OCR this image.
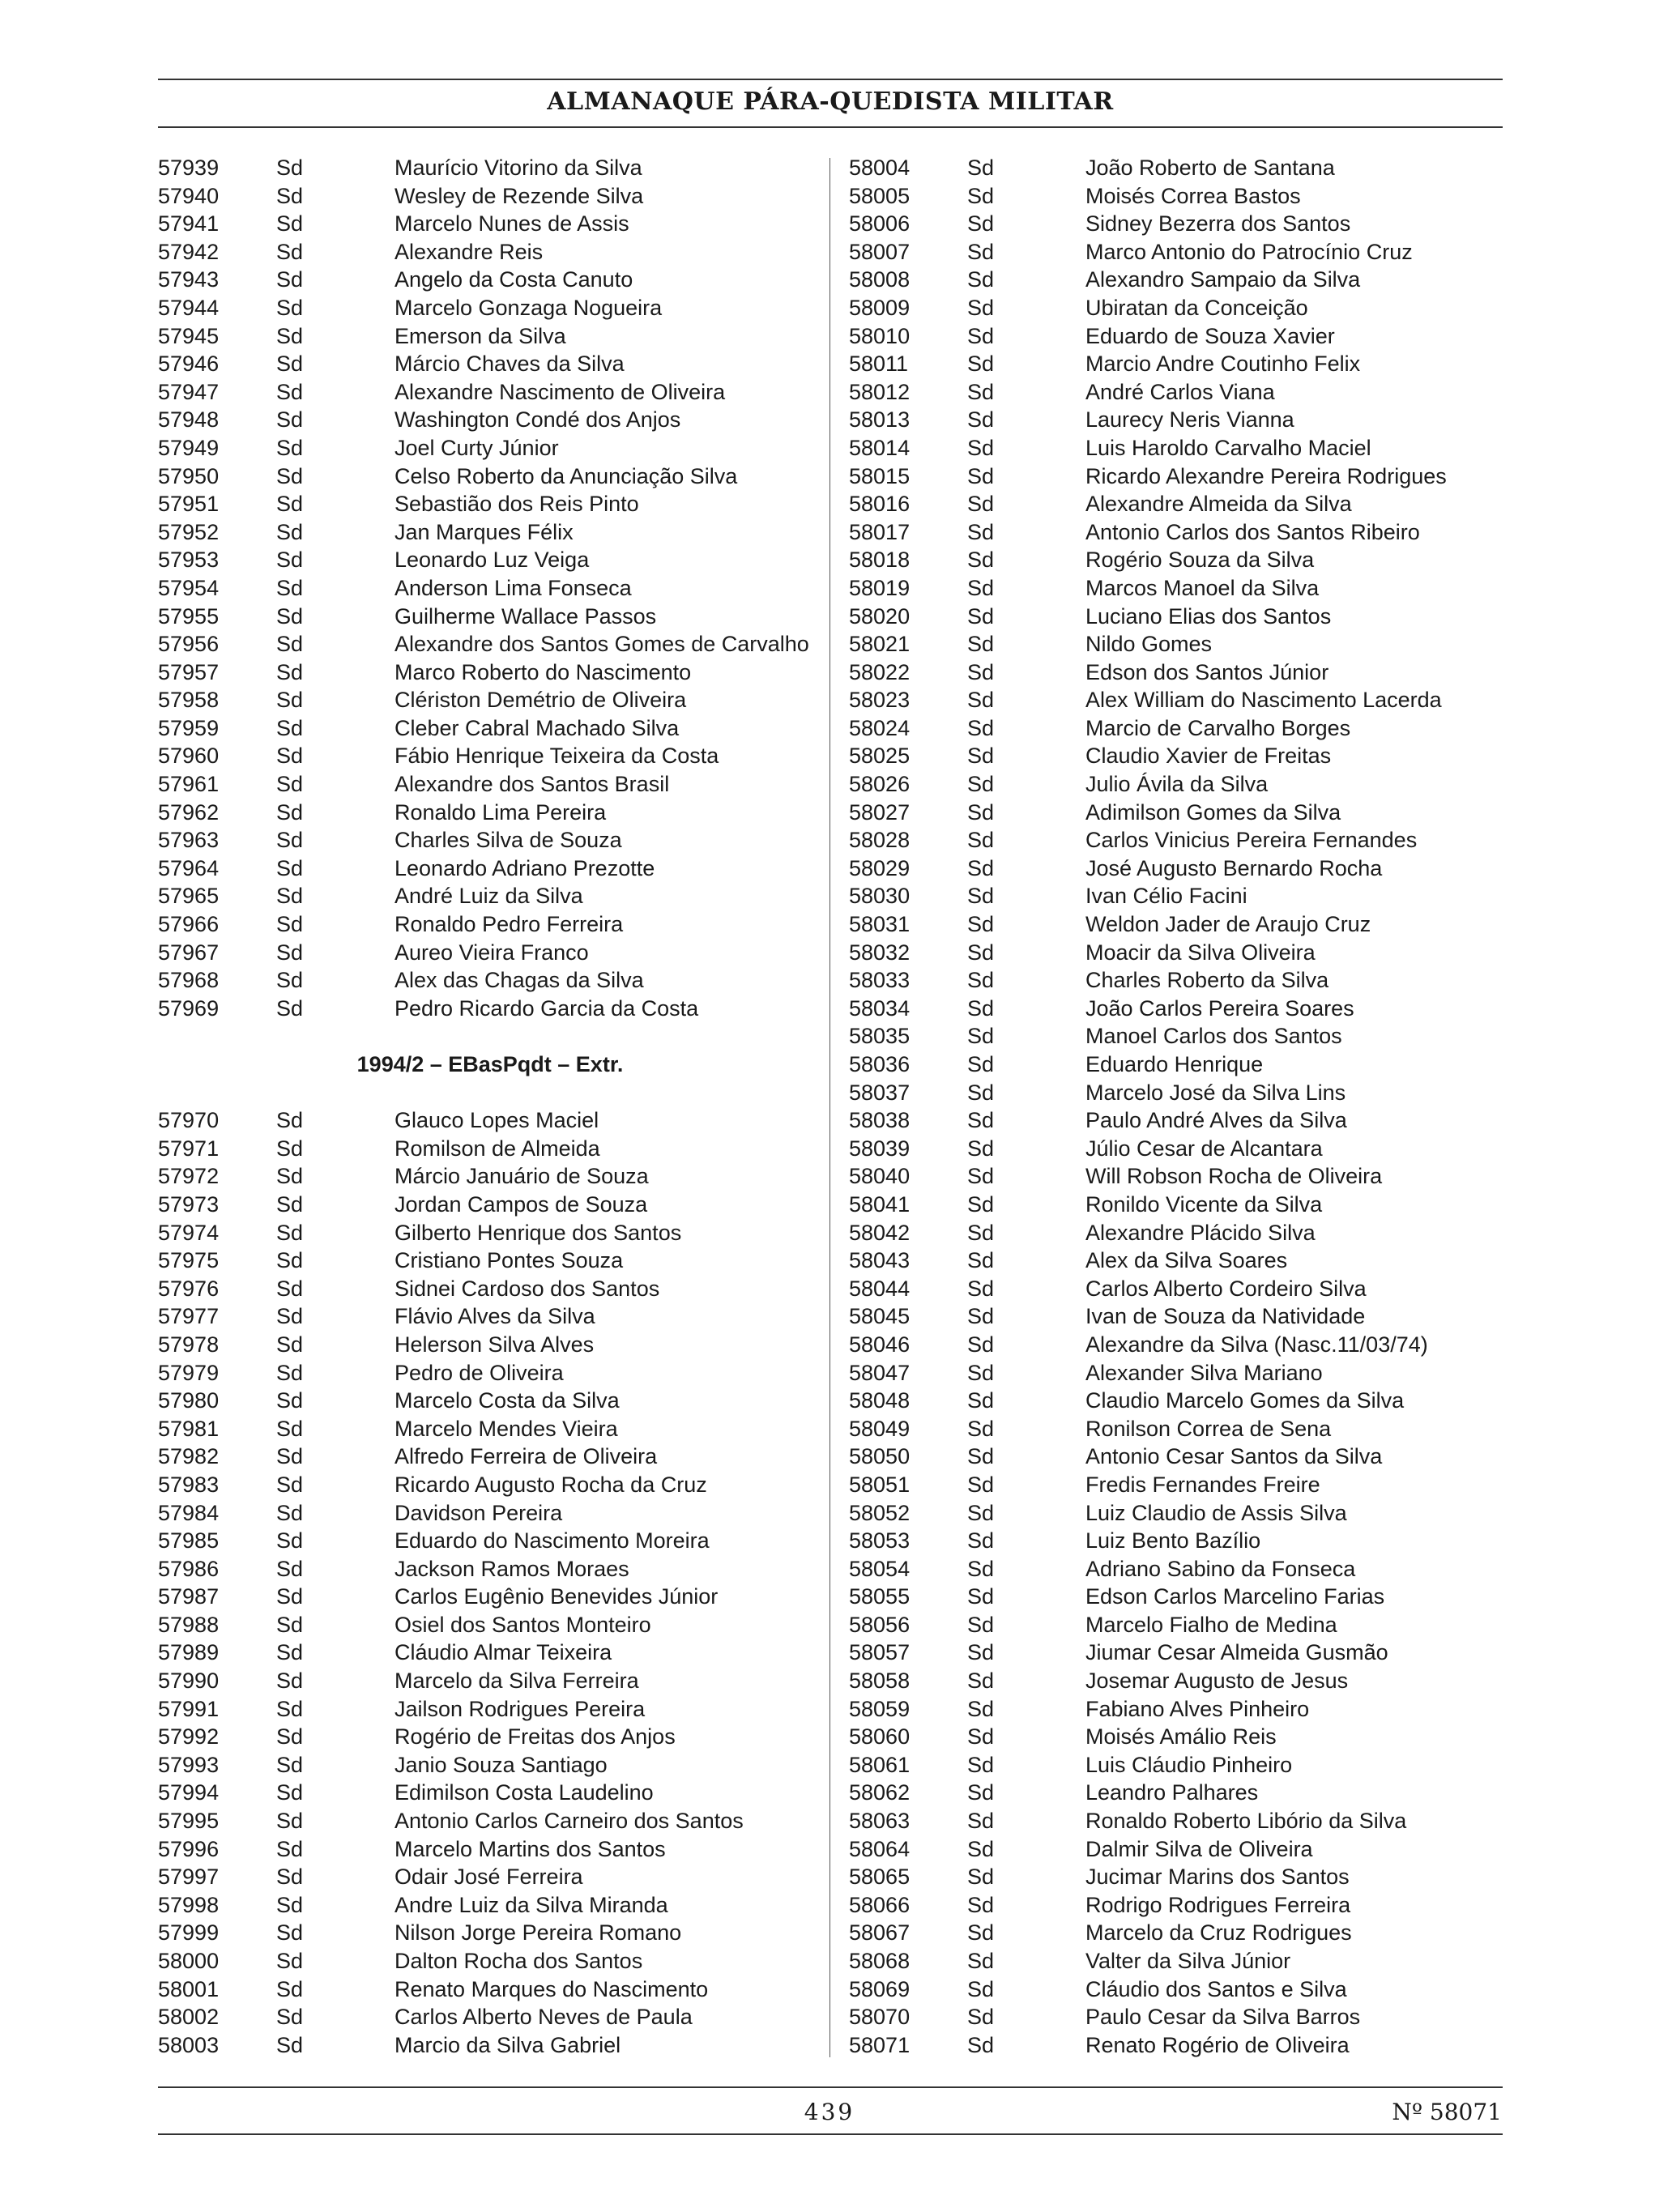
ALMANAQUE PÁRA-QUEDISTA MILITAR
57939	Sd	Maurício Vitorino da Silva
57940	Sd	Wesley de Rezende Silva
57941	Sd	Marcelo Nunes de Assis
57942	Sd	Alexandre Reis
57943	Sd	Angelo da Costa Canuto
57944	Sd	Marcelo Gonzaga Nogueira
57945	Sd	Emerson da Silva
57946	Sd	Márcio Chaves da Silva
57947	Sd	Alexandre Nascimento de Oliveira
57948	Sd	Washington Condé dos Anjos
57949	Sd	Joel Curty Júnior
57950	Sd	Celso Roberto da Anunciação Silva
57951	Sd	Sebastião dos Reis Pinto
57952	Sd	Jan Marques Félix
57953	Sd	Leonardo Luz Veiga
57954	Sd	Anderson Lima Fonseca
57955	Sd	Guilherme Wallace Passos
57956	Sd	Alexandre dos Santos Gomes de Carvalho
57957	Sd	Marco Roberto do Nascimento
57958	Sd	Clériston Demétrio de Oliveira
57959	Sd	Cleber Cabral Machado Silva
57960	Sd	Fábio Henrique Teixeira da Costa
57961	Sd	Alexandre dos Santos Brasil
57962	Sd	Ronaldo Lima Pereira
57963	Sd	Charles Silva de Souza
57964	Sd	Leonardo Adriano Prezotte
57965	Sd	André Luiz da Silva
57966	Sd	Ronaldo Pedro Ferreira
57967	Sd	Aureo Vieira Franco
57968	Sd	Alex das Chagas da Silva
57969	Sd	Pedro Ricardo Garcia da Costa
1994/2 – EBasPqdt – Extr.
57970	Sd	Glauco Lopes Maciel
57971	Sd	Romilson de Almeida
57972	Sd	Márcio Januário de Souza
57973	Sd	Jordan Campos de Souza
57974	Sd	Gilberto Henrique dos Santos
57975	Sd	Cristiano Pontes Souza
57976	Sd	Sidnei Cardoso dos Santos
57977	Sd	Flávio Alves da Silva
57978	Sd	Helerson Silva Alves
57979	Sd	Pedro de Oliveira
57980	Sd	Marcelo Costa da Silva
57981	Sd	Marcelo Mendes Vieira
57982	Sd	Alfredo Ferreira de Oliveira
57983	Sd	Ricardo Augusto Rocha da Cruz
57984	Sd	Davidson Pereira
57985	Sd	Eduardo do Nascimento Moreira
57986	Sd	Jackson Ramos Moraes
57987	Sd	Carlos Eugênio Benevides Júnior
57988	Sd	Osiel dos Santos Monteiro
57989	Sd	Cláudio Almar Teixeira
57990	Sd	Marcelo da Silva Ferreira
57991	Sd	Jailson Rodrigues Pereira
57992	Sd	Rogério de Freitas dos Anjos
57993	Sd	Janio Souza Santiago
57994	Sd	Edimilson Costa Laudelino
57995	Sd	Antonio Carlos Carneiro dos Santos
57996	Sd	Marcelo Martins dos Santos
57997	Sd	Odair José Ferreira
57998	Sd	Andre Luiz da Silva Miranda
57999	Sd	Nilson Jorge Pereira Romano
58000	Sd	Dalton Rocha dos Santos
58001	Sd	Renato Marques do Nascimento
58002	Sd	Carlos Alberto Neves de Paula
58003	Sd	Marcio da Silva Gabriel
58004	Sd	João Roberto de Santana
58005	Sd	Moisés Correa Bastos
58006	Sd	Sidney Bezerra dos Santos
58007	Sd	Marco Antonio do Patrocínio Cruz
58008	Sd	Alexandro Sampaio da Silva
58009	Sd	Ubiratan da Conceição
58010	Sd	Eduardo de Souza Xavier
58011	Sd	Marcio Andre Coutinho Felix
58012	Sd	André Carlos Viana
58013	Sd	Laurecy Neris Vianna
58014	Sd	Luis Haroldo Carvalho Maciel
58015	Sd	Ricardo Alexandre Pereira Rodrigues
58016	Sd	Alexandre Almeida da Silva
58017	Sd	Antonio Carlos dos Santos Ribeiro
58018	Sd	Rogério Souza da Silva
58019	Sd	Marcos Manoel da Silva
58020	Sd	Luciano Elias dos Santos
58021	Sd	Nildo Gomes
58022	Sd	Edson dos Santos Júnior
58023	Sd	Alex William do Nascimento Lacerda
58024	Sd	Marcio de Carvalho Borges
58025	Sd	Claudio Xavier de Freitas
58026	Sd	Julio Ávila da Silva
58027	Sd	Adimilson Gomes da Silva
58028	Sd	Carlos Vinicius Pereira Fernandes
58029	Sd	José Augusto Bernardo Rocha
58030	Sd	Ivan Célio Facini
58031	Sd	Weldon Jader de Araujo Cruz
58032	Sd	Moacir da Silva Oliveira
58033	Sd	Charles Roberto da Silva
58034	Sd	João Carlos Pereira Soares
58035	Sd	Manoel Carlos dos Santos
58036	Sd	Eduardo Henrique
58037	Sd	Marcelo José da Silva Lins
58038	Sd	Paulo André Alves da Silva
58039	Sd	Júlio Cesar de Alcantara
58040	Sd	Will Robson Rocha de Oliveira
58041	Sd	Ronildo Vicente da Silva
58042	Sd	Alexandre Plácido Silva
58043	Sd	Alex da Silva Soares
58044	Sd	Carlos Alberto Cordeiro Silva
58045	Sd	Ivan de Souza da Natividade
58046	Sd	Alexandre da Silva (Nasc.11/03/74)
58047	Sd	Alexander Silva Mariano
58048	Sd	Claudio Marcelo Gomes da Silva
58049	Sd	Ronilson Correa de Sena
58050	Sd	Antonio Cesar Santos da Silva
58051	Sd	Fredis Fernandes Freire
58052	Sd	Luiz Claudio de Assis Silva
58053	Sd	Luiz Bento Bazílio
58054	Sd	Adriano Sabino da Fonseca
58055	Sd	Edson Carlos Marcelino Farias
58056	Sd	Marcelo Fialho de Medina
58057	Sd	Jiumar Cesar Almeida Gusmão
58058	Sd	Josemar Augusto de Jesus
58059	Sd	Fabiano Alves Pinheiro
58060	Sd	Moisés Amálio Reis
58061	Sd	Luis Cláudio Pinheiro
58062	Sd	Leandro Palhares
58063	Sd	Ronaldo Roberto Libório da Silva
58064	Sd	Dalmir Silva de Oliveira
58065	Sd	Jucimar Marins dos Santos
58066	Sd	Rodrigo Rodrigues Ferreira
58067	Sd	Marcelo da Cruz Rodrigues
58068	Sd	Valter da Silva Júnior
58069	Sd	Cláudio dos Santos e Silva
58070	Sd	Paulo Cesar da Silva Barros
58071	Sd	Renato Rogério de Oliveira
439	Nº 58071
